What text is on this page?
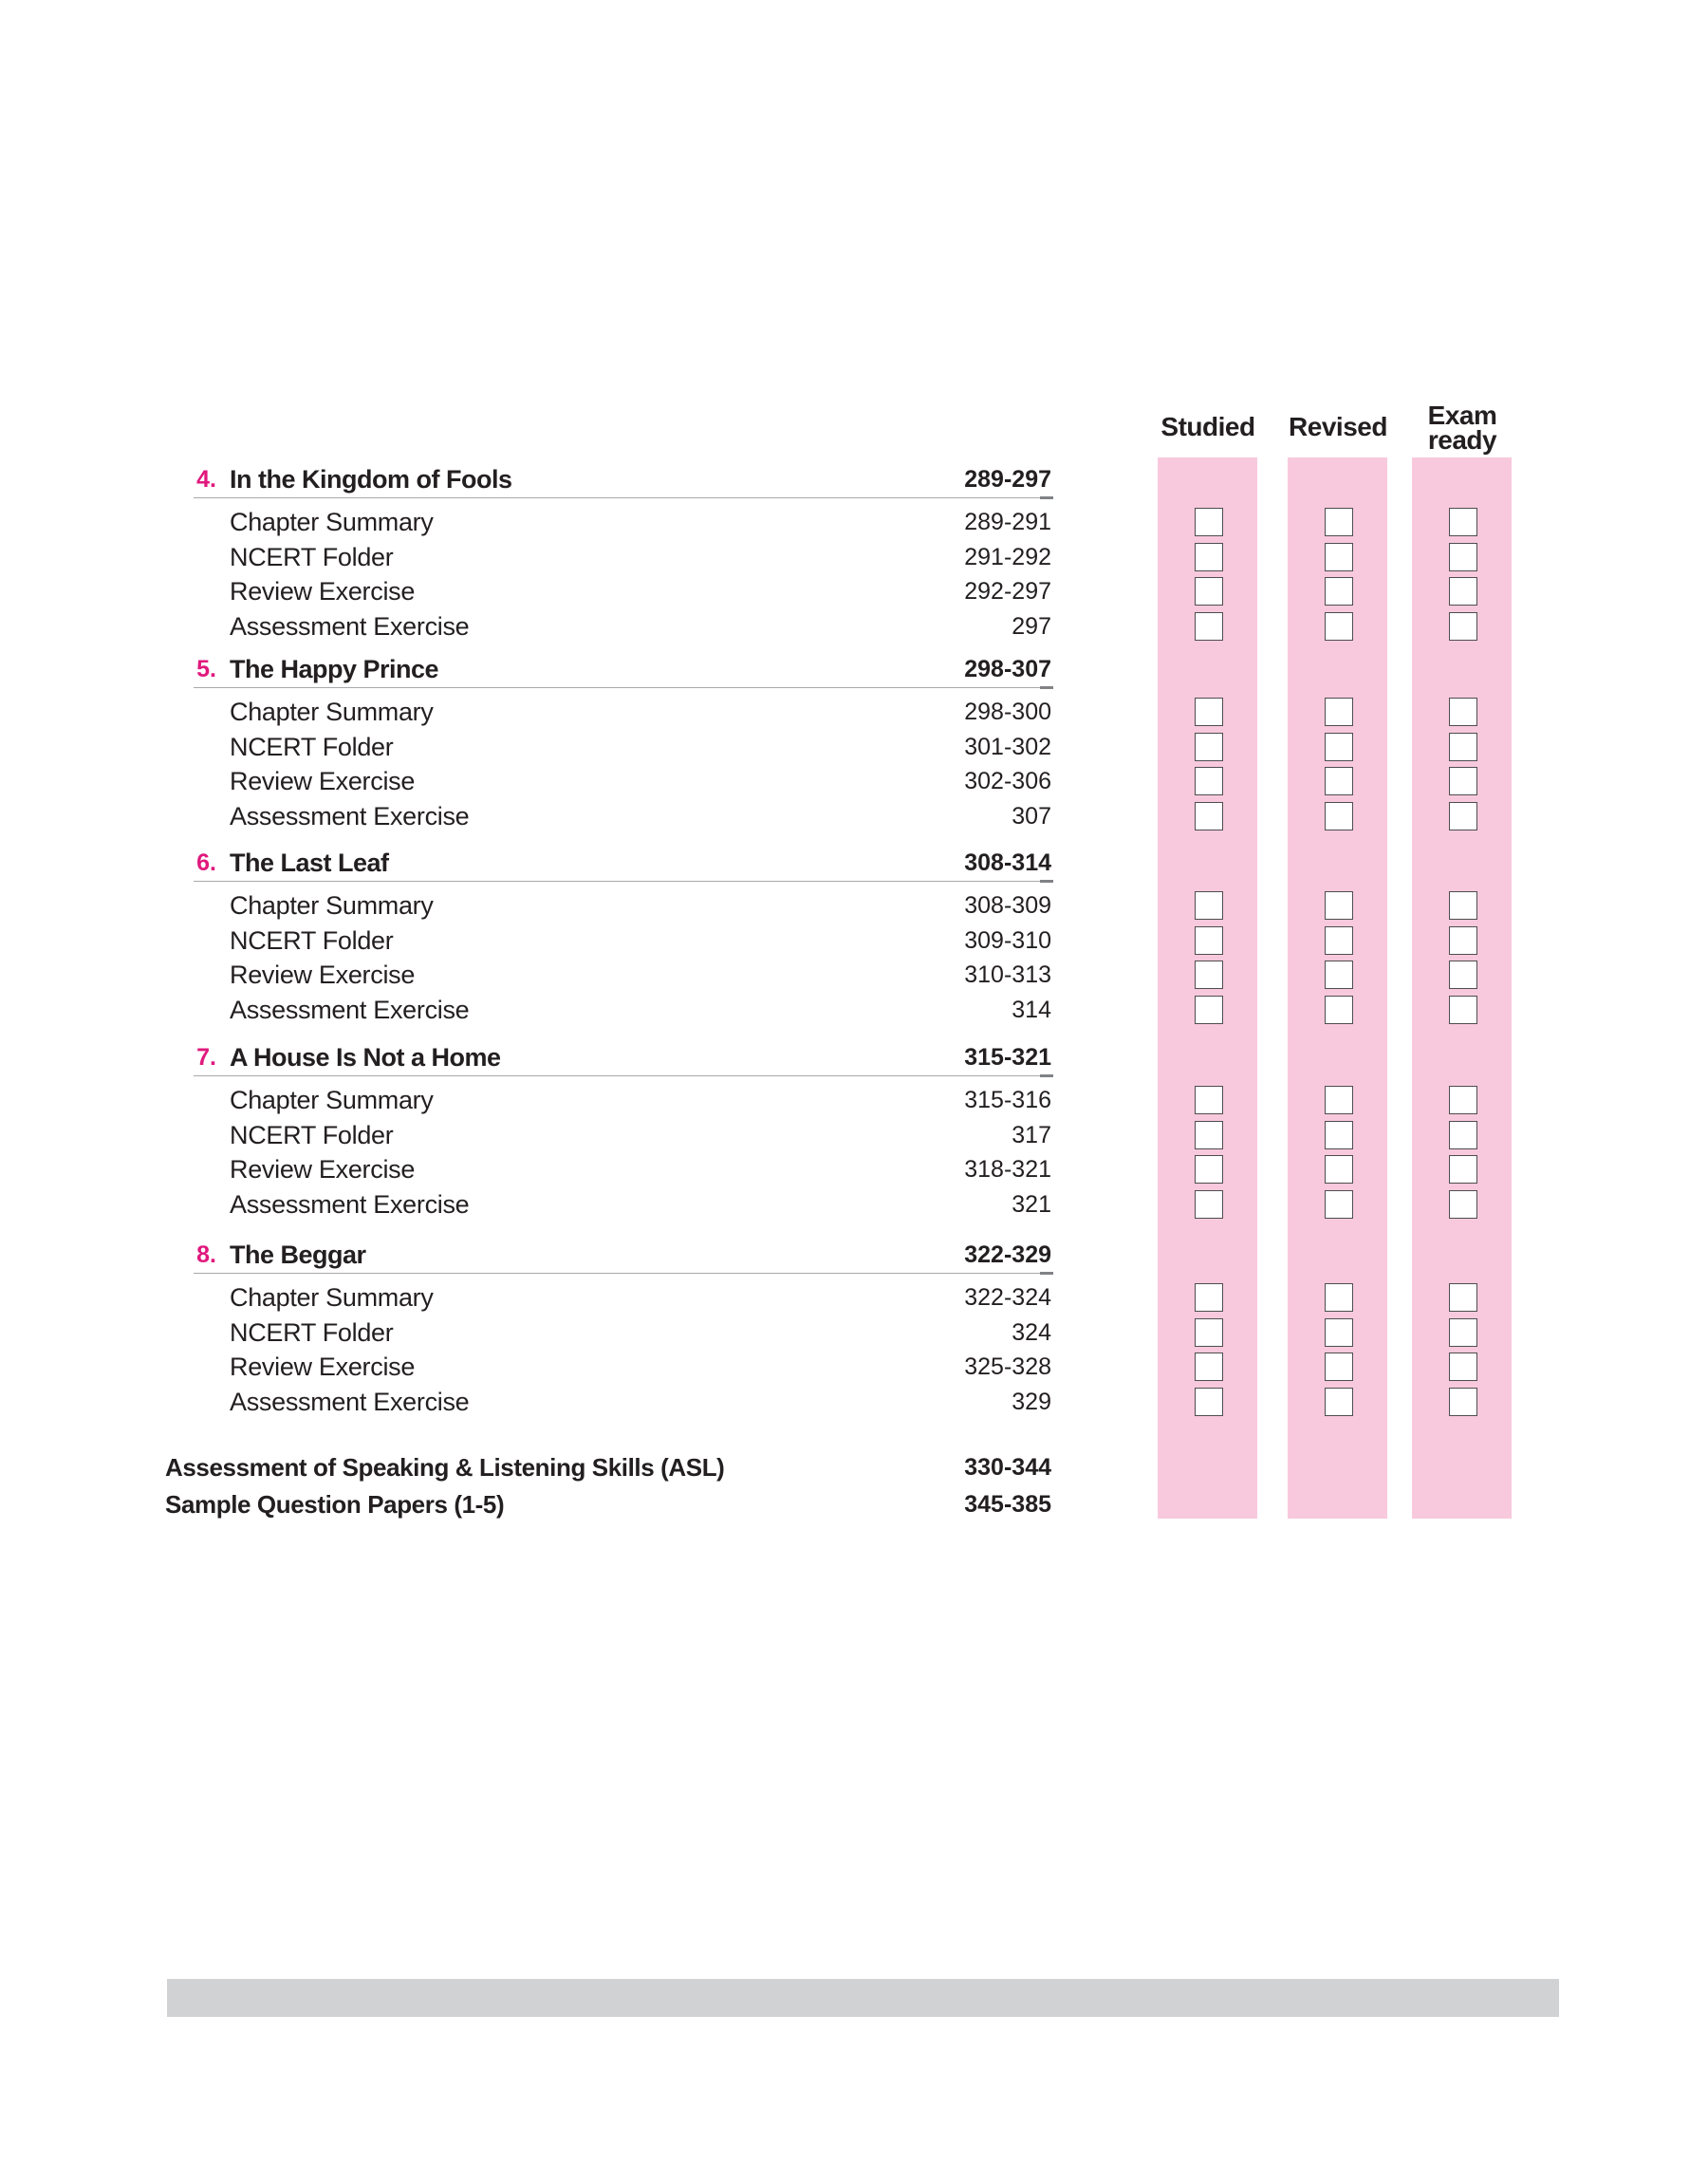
Studied	Revised	Exam
ready
4. In the Kingdom of Fools	289-297
Chapter Summary	289-291
NCERT Folder	291-292
Review Exercise	292-297
Assessment Exercise	297
5. The Happy Prince	298-307
Chapter Summary	298-300
NCERT Folder	301-302
Review Exercise	302-306
Assessment Exercise	307
6. The Last Leaf	308-314
Chapter Summary	308-309
NCERT Folder	309-310
Review Exercise	310-313
Assessment Exercise	314
7. A House Is Not a Home	315-321
Chapter Summary	315-316
NCERT Folder	317
Review Exercise	318-321
Assessment Exercise	321
8. The Beggar	322-329
Chapter Summary	322-324
NCERT Folder	324
Review Exercise	325-328
Assessment Exercise	329
Assessment of Speaking & Listening Skills (ASL)	330-344
Sample Question Papers (1-5)	345-385
